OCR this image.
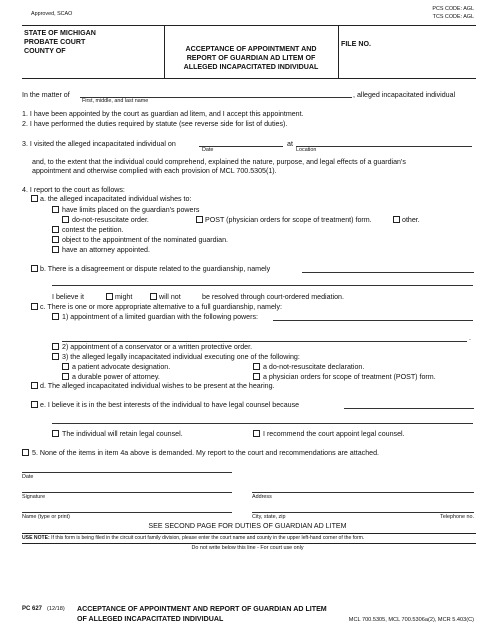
Approved, SCAO
PCS CODE: AGL
TCS CODE: AGL
STATE OF MICHIGAN
PROBATE COURT
COUNTY OF	ACCEPTANCE OF APPOINTMENT AND
REPORT OF GUARDIAN AD LITEM OF
ALLEGED INCAPACITATED INDIVIDUAL
FILE NO.
In the matter of	, alleged incapacitated individual
First, middle, and last name
1. I have been appointed by the court as guardian ad litem, and I accept this appointment.
2. I have performed the duties required by statute (see reverse side for list of duties).
3. I visited the alleged incapacitated individual on	at
Date	Location
and, to the extent that the individual could comprehend, explained the nature, purpose, and legal effects of a guardian's
appointment and otherwise complied with each provision of MCL 700.5305(1).
4. I report to the court as follows:
a. the alleged incapacitated individual wishes to:
have limits placed on the guardian's powers
do-not-resuscitate order.	POST (physician orders for scope of treatment) form.	other.
contest the petition.
object to the appointment of the nominated guardian.
have an attorney appointed.
b. There is a disagreement or dispute related to the guardianship, namely
I believe it	might	will not	be resolved through court-ordered mediation.
c. There is one or more appropriate alternative to a full guardianship, namely:
1) appointment of a limited guardian with the following powers:
.
2) appointment of a conservator or a written protective order.
3) the alleged legally incapacitated individual executing one of the following:
a patient advocate designation.	a do-not-resuscitate declaration.
a durable power of attorney.	a physician orders for scope of treatment (POST) form.
d. The alleged incapacitated individual wishes to be present at the hearing.
e. I believe it is in the best interests of the individual to have legal counsel because
The individual will retain legal counsel.	I recommend the court appoint legal counsel.
5. None of the items in item 4a above is demanded. My report to the court and recommendations are attached.
Date
Signature	Address
Name (type or print)	City, state, zip	Telephone no.
SEE SECOND PAGE FOR DUTIES OF GUARDIAN AD LITEM
USE NOTE: If this form is being filed in the circuit court family division, please enter the court name and county in the upper left-hand corner of the form.
Do not write below this line - For court use only
PC 627 (12/18) ACCEPTANCE OF APPOINTMENT AND REPORT OF GUARDIAN AD LITEM
OF ALLEGED INCAPACITATED INDIVIDUAL	MCL 700.5305, MCL 700.5306a(2), MCR 5.403(C)
